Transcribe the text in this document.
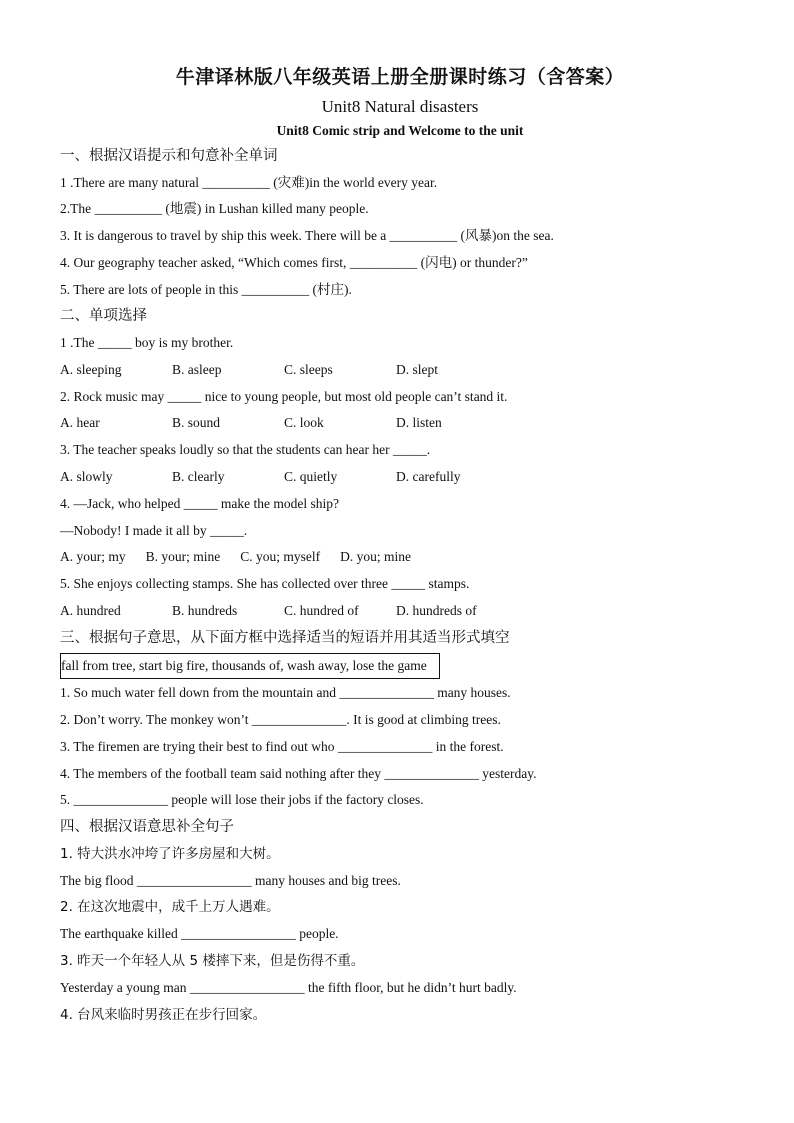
牛津译林版八年级英语上册全册课时练习（含答案）
Unit8 Natural disasters
Unit8 Comic strip and Welcome to the unit
一、根据汉语提示和句意补全单词
1 .There are many natural __________ (灾难)in the world every year.
2.The __________ (地震) in Lushan killed many people.
3. It is dangerous to travel by ship this week. There will be a __________ (风暴)on the sea.
4. Our geography teacher asked, “Which comes first, __________ (闪电) or thunder?”
5. There are lots of people in this __________ (村庄).
二、单项选择
1 .The _____ boy is my brother.
A. sleeping	B. asleep	C. sleeps	D. slept
2. Rock music may _____ nice to young people, but most old people can’t stand it.
A. hear	B. sound	C. look	D. listen
3. The teacher speaks loudly so that the students can hear her _____.
A. slowly	B. clearly	C. quietly	D. carefully
4. —Jack, who helped _____ make the model ship?
—Nobody! I made it all by _____.
A. your; my B. your; mine C. you; myself D. you; mine
5. She enjoys collecting stamps. She has collected over three _____ stamps.
A. hundred	B. hundreds	C. hundred of	D. hundreds of
三、根据句子意思，从下面方框中选择适当的短语并用其适当形式填空
fall from tree, start big fire, thousands of, wash away, lose the game
1. So much water fell down from the mountain and ______________ many houses.
2. Don’t worry. The monkey won’t ______________. It is good at climbing trees.
3. The firemen are trying their best to find out who ______________ in the forest.
4. The members of the football team said nothing after they ______________ yesterday.
5. ______________ people will lose their jobs if the factory closes.
四、根据汉语意思补全句子
1. 特大洪水冲垮了许多房屋和大树。
The big flood _________________ many houses and big trees.
2. 在这次地震中，成千上万人遇难。
The earthquake killed _________________ people.
3. 昨天一个年轻人从 5 楼摔下来，但是伤得不重。
Yesterday a young man _________________ the fifth floor, but he didn’t hurt badly.
4. 台风来临时男孩正在步行回家。
